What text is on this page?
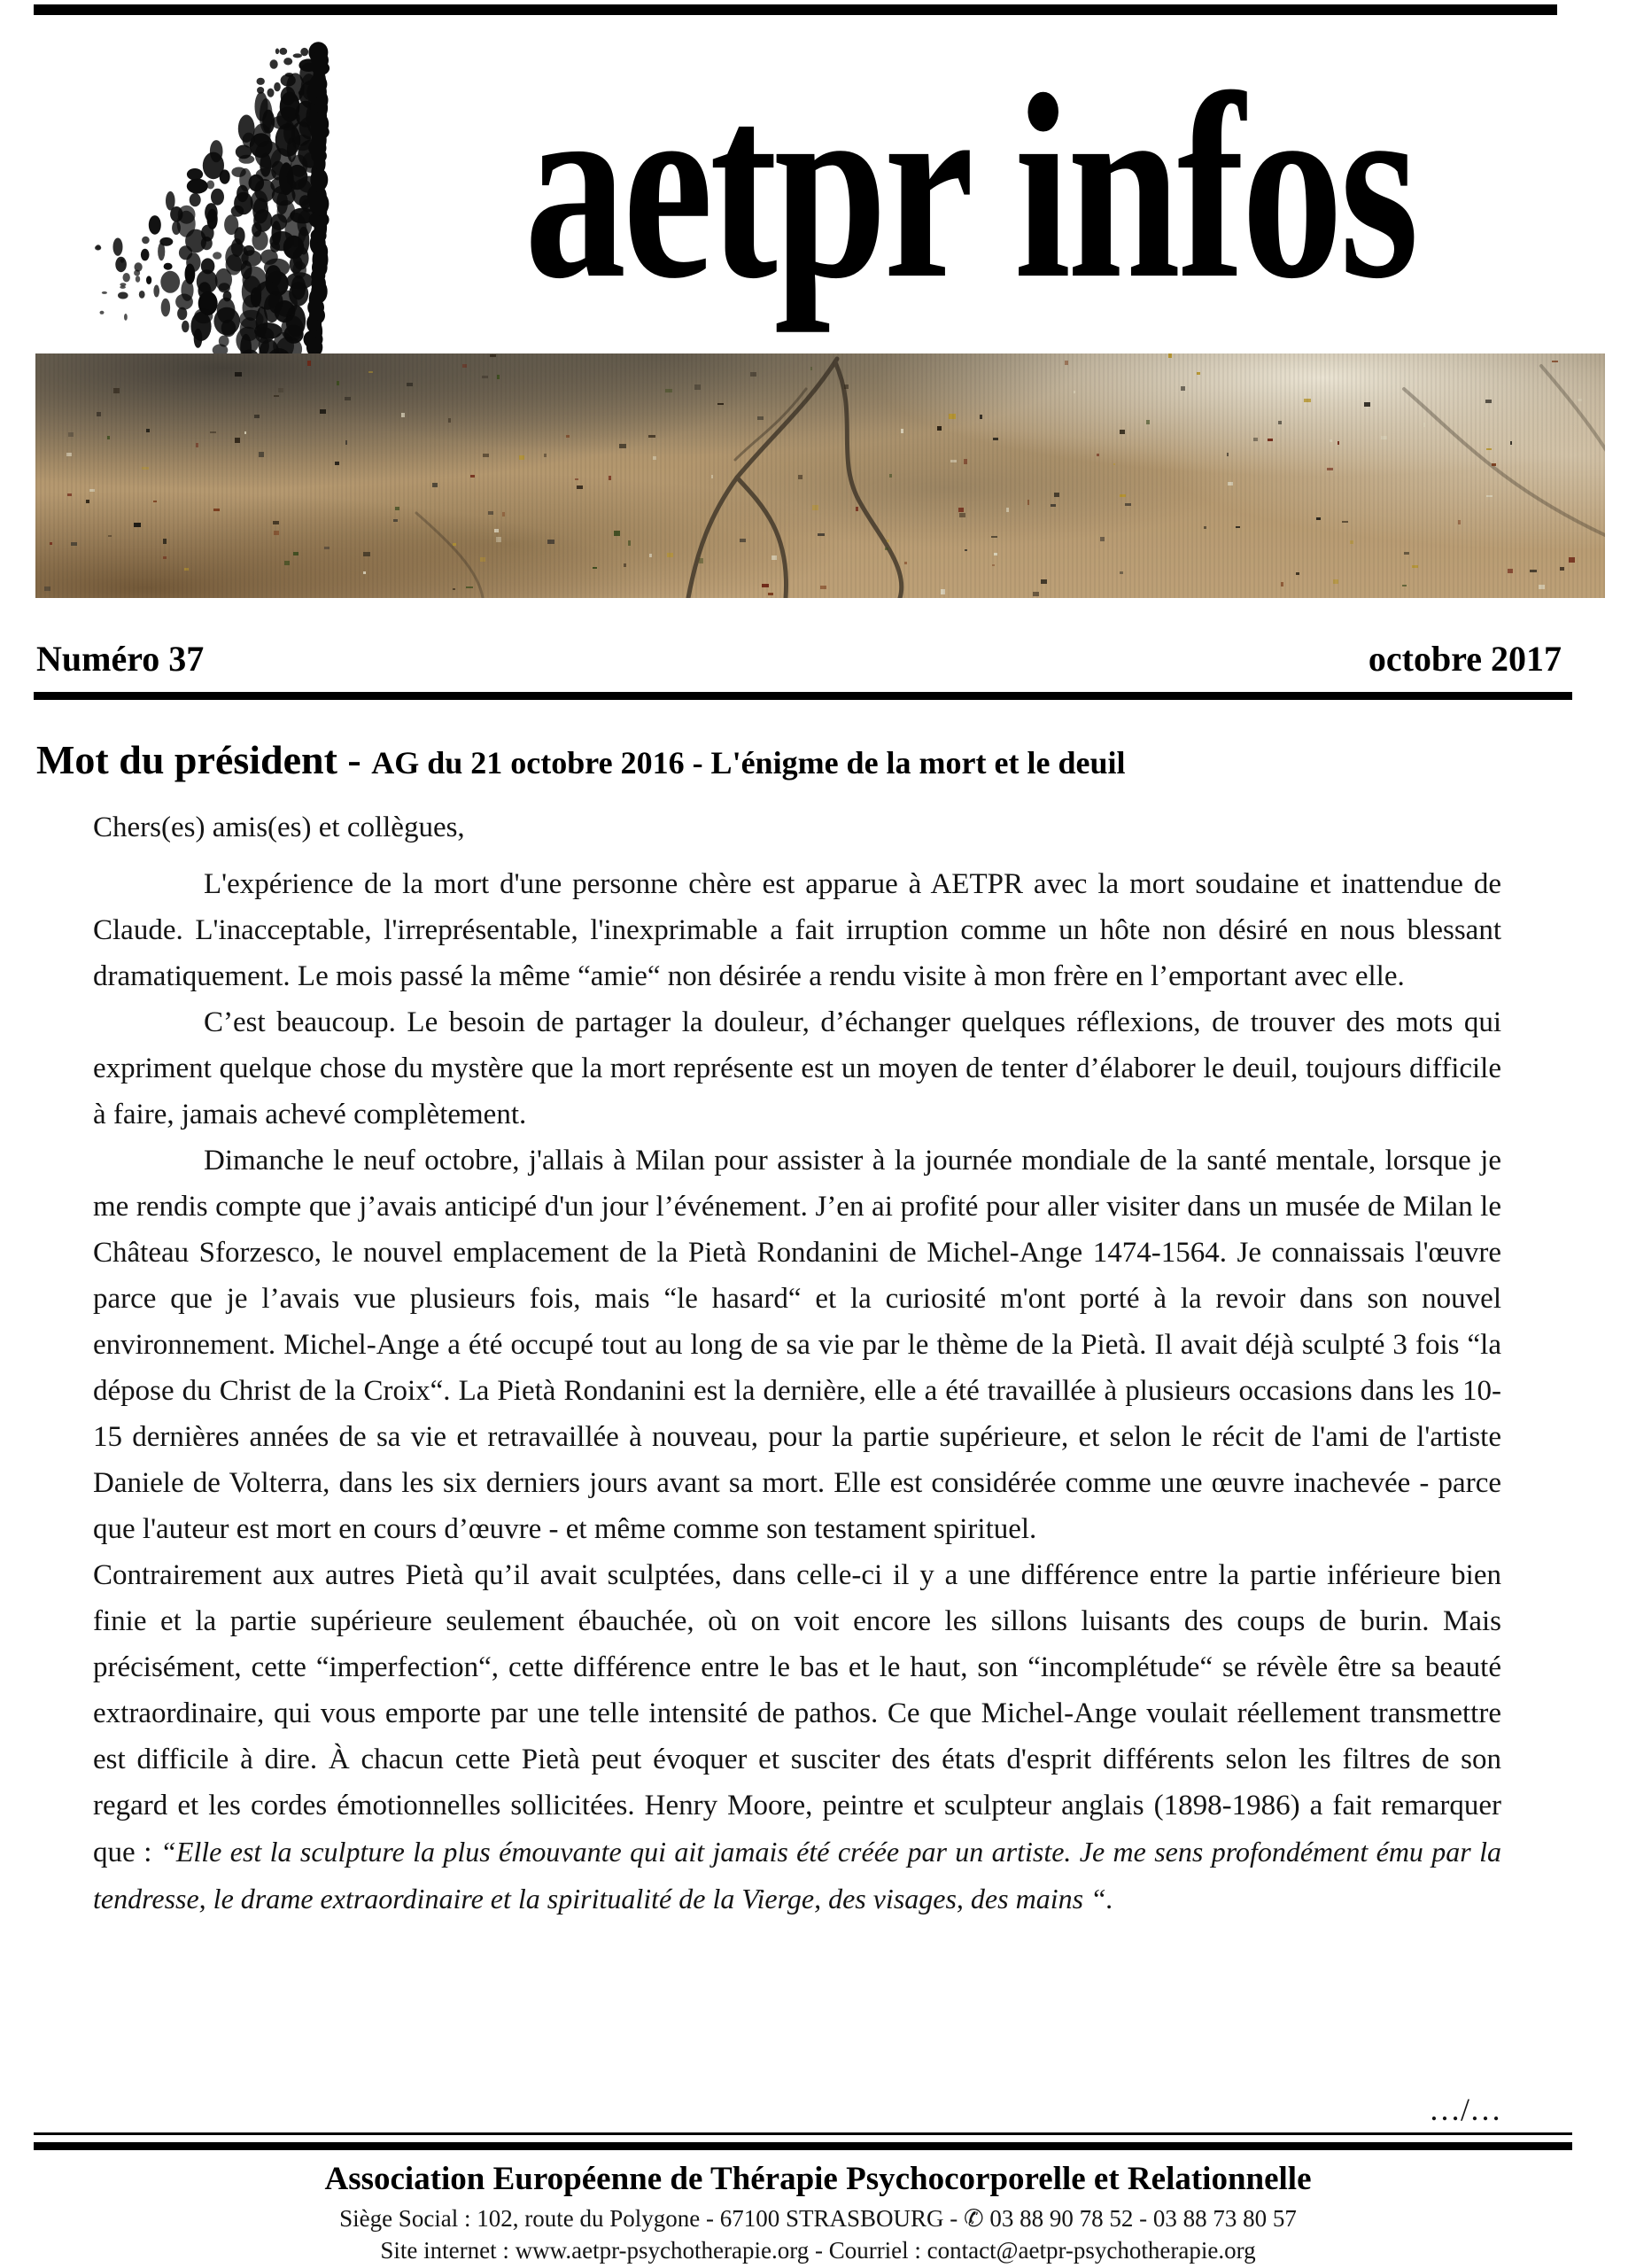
aetpr infos
Numéro 37	octobre 2017
Mot du président - AG du 21 octobre 2016 - L'énigme de la mort et le deuil

Chers(es) amis(es) et collègues,

L'expérience de la mort d'une personne chère est apparue à AETPR avec la mort soudaine et inattendue de Claude. L'inacceptable, l'irreprésentable, l'inexprimable a fait irruption comme un hôte non désiré en nous blessant dramatiquement. Le mois passé la même “amie“ non désirée a rendu visite à mon frère en l’emportant avec elle.

C’est beaucoup. Le besoin de partager la douleur, d’échanger quelques réflexions, de trouver des mots qui expriment quelque chose du mystère que la mort représente est un moyen de tenter d’élaborer le deuil, toujours difficile à faire, jamais achevé complètement.

Dimanche le neuf octobre, j'allais à Milan pour assister à la journée mondiale de la santé mentale, lorsque je me rendis compte que j’avais anticipé d'un jour l’événement. J’en ai profité pour aller visiter dans un musée de Milan le Château Sforzesco, le nouvel emplacement de la Pietà Rondanini de Michel-Ange 1474-1564. Je connaissais l'œuvre parce que je l’avais vue plusieurs fois, mais “le hasard“ et la curiosité m'ont porté à la revoir dans son nouvel environnement. Michel-Ange a été occupé tout au long de sa vie par le thème de la Pietà. Il avait déjà sculpté 3 fois “la dépose du Christ de la Croix“. La Pietà Rondanini est la dernière, elle a été travaillée à plusieurs occasions dans les 10-15 dernières années de sa vie et retravaillée à nouveau, pour la partie supérieure, et selon le récit de l'ami de l'artiste Daniele de Volterra, dans les six derniers jours avant sa mort. Elle est considérée comme une œuvre inachevée - parce que l'auteur est mort en cours d’œuvre - et même comme son testament spirituel.

Contrairement aux autres Pietà qu’il avait sculptées, dans celle-ci il y a une différence entre la partie inférieure bien finie et la partie supérieure seulement ébauchée, où on voit encore les sillons luisants des coups de burin. Mais précisément, cette “imperfection“, cette différence entre le bas et le haut, son “incomplétude“ se révèle être sa beauté extraordinaire, qui vous emporte par une telle intensité de pathos. Ce que Michel-Ange voulait réellement transmettre est difficile à dire. À chacun cette Pietà peut évoquer et susciter des états d'esprit différents selon les filtres de son regard et les cordes émotionnelles sollicitées. Henry Moore, peintre et sculpteur anglais (1898-1986) a fait remarquer que : “Elle est la sculpture la plus émouvante qui ait jamais été créée par un artiste. Je me sens profondément ému par la tendresse, le drame extraordinaire et la spiritualité de la Vierge, des visages, des mains “.

…/…
Association Européenne de Thérapie Psychocorporelle et Relationnelle
Siège Social : 102, route du Polygone - 67100 STRASBOURG - ✆ 03 88 90 78 52 - 03 88 73 80 57
Site internet : www.aetpr-psychotherapie.org - Courriel : contact@aetpr-psychotherapie.org
